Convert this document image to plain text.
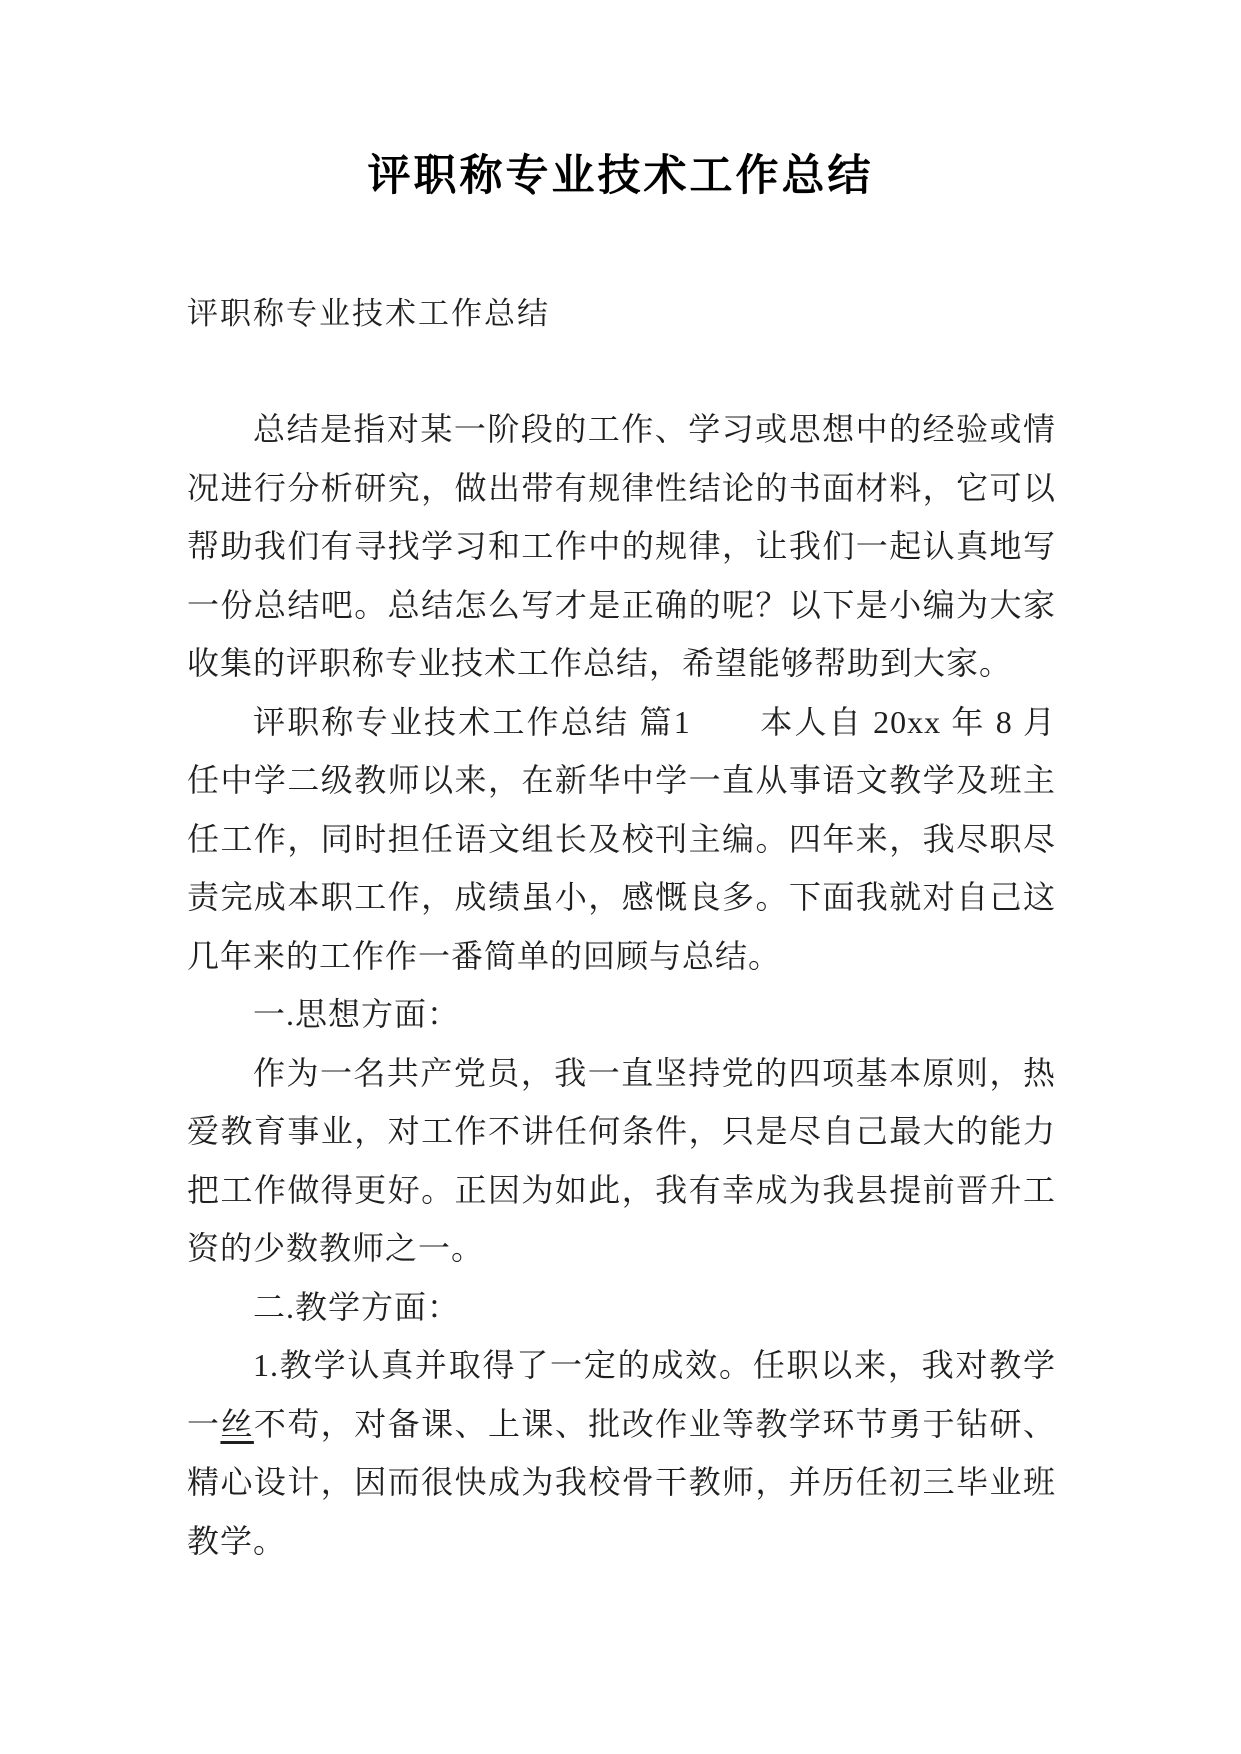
评职称专业技术工作总结
评职称专业技术工作总结
总结是指对某一阶段的工作、学习或思想中的经验或情
况进行分析研究，做出带有规律性结论的书面材料，它可以
帮助我们有寻找学习和工作中的规律，让我们一起认真地写
一份总结吧。总结怎么写才是正确的呢？以下是小编为大家
收集的评职称专业技术工作总结，希望能够帮助到大家。
评职称专业技术工作总结 篇1　　本人自 20xx 年 8 月
任中学二级教师以来，在新华中学一直从事语文教学及班主
任工作，同时担任语文组长及校刊主编。四年来，我尽职尽
责完成本职工作，成绩虽小，感慨良多。下面我就对自己这
几年来的工作作一番简单的回顾与总结。
一.思想方面：
作为一名共产党员，我一直坚持党的四项基本原则，热
爱教育事业，对工作不讲任何条件，只是尽自己最大的能力
把工作做得更好。正因为如此，我有幸成为我县提前晋升工
资的少数教师之一。
二.教学方面：
1.教学认真并取得了一定的成效。任职以来，我对教学
一丝不苟，对备课、上课、批改作业等教学环节勇于钻研、
精心设计，因而很快成为我校骨干教师，并历任初三毕业班
教学。
